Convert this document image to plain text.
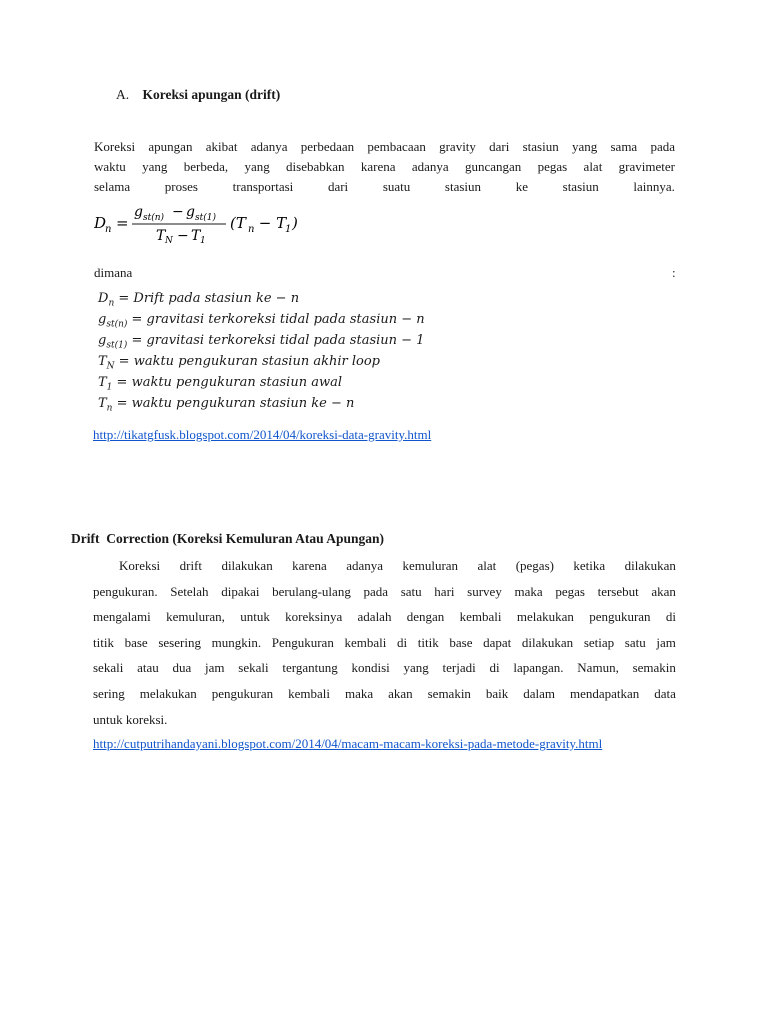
A. Koreksi apungan (drift)
Koreksi apungan akibat adanya perbedaan pembacaan gravity dari stasiun yang sama pada
waktu yang berbeda, yang disebabkan karena adanya guncangan pegas alat gravimeter
selama	proses	transportasi	dari	suatu	stasiun	ke	stasiun	lainnya.
D
n =
g st(n) − g st(1)
T N − T 1
(T n − T
1 )
dimana	:
$D_n$ = Drift pada stasiun ke − n
$g_{st(n)}$ = gravitasi terkoreksi tidal pada stasiun − n
$g_{st(1)}$ = gravitasi terkoreksi tidal pada stasiun − 1
$T_N$ = waktu pengukuran stasiun akhir loop
$T_1$ = waktu pengukuran stasiun awal
$T_n$ = waktu pengukuran stasiun ke − n
http://tikatgfusk.blogspot.com/2014/04/koreksi-data-gravity.html
Drift  Correction (Koreksi Kemuluran Atau Apungan)
Koreksi drift dilakukan karena adanya kemuluran alat (pegas) ketika dilakukan
pengukuran. Setelah dipakai berulang-ulang pada satu hari survey maka pegas tersebut akan
mengalami kemuluran, untuk koreksinya adalah dengan kembali melakukan pengukuran di
titik base sesering mungkin. Pengukuran kembali di titik base dapat dilakukan setiap satu jam
sekali atau dua jam sekali tergantung kondisi yang terjadi di lapangan. Namun, semakin
sering melakukan pengukuran kembali maka akan semakin baik dalam mendapatkan data
untuk koreksi.
http://cutputrihandayani.blogspot.com/2014/04/macam-macam-koreksi-pada-metode-gravity.html
